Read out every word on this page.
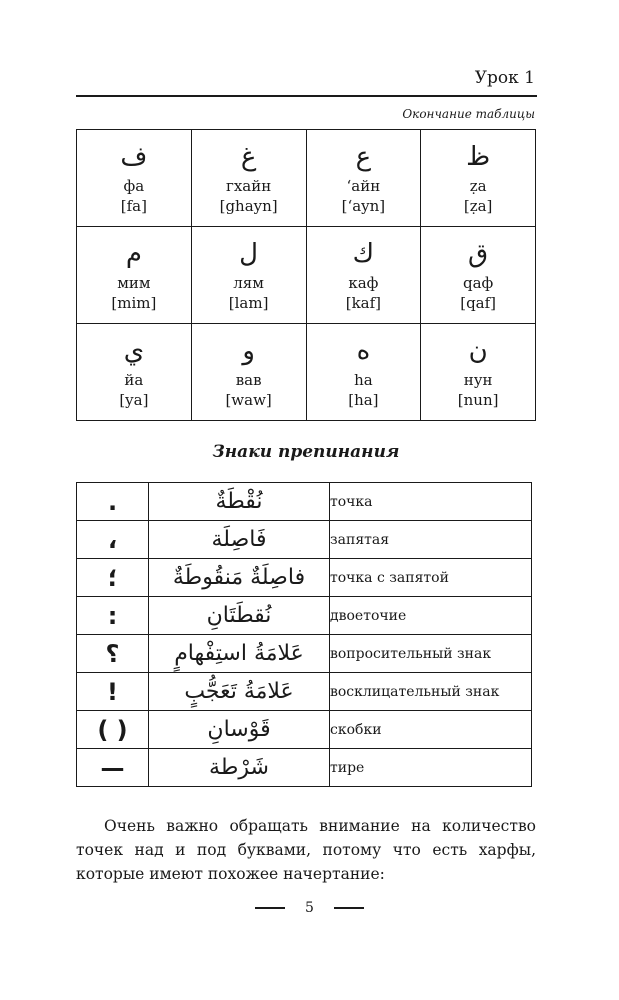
Урок 1
Окончание таблицы
ف
фа
[fa]	غ
гхайн
[ghayn]	ع
‘айн
[‘ayn]	ظ
ẓa
[ẓa]

م
мим
[mim]	ل
лям
[lam]	ك
каф
[kaf]	ق
qaф
[qaf]

ي
йа
[ya]	و
вав
[waw]	ه
ha
[ha]	ن
нун
[nun]
Знаки препинания
.	نُقْطَةٌ	точка
،	فَاصِلَة	запятая
؛	فاصِلَةٌ مَنقُوطَةٌ	точка с запятой
:	نُقطَتَانِ	двоеточие
؟	عَلامَةُ استِفْهامٍ	вопросительный знак
!	عَلامَةُ تَعَجُّبٍ	восклицательный знак
( )	قَوْسانِ	скобки
—	شَرْطة	тире
Очень важно обращать внимание на количество точек над и под буквами, потому что есть харфы, которые имеют похожее начертание:
5
